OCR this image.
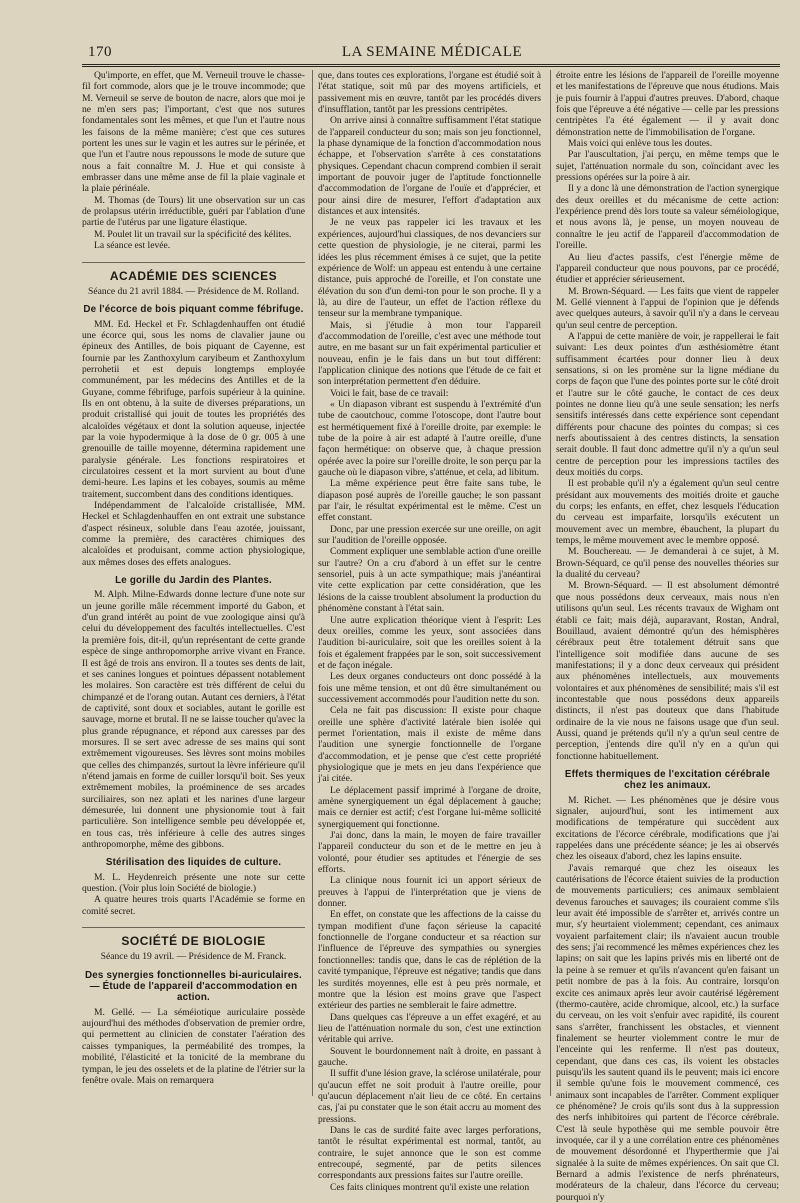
170	LA SEMAINE MÉDICALE

Qu'importe, en effet, que M. Verneuil trouve le chasse-fil fort commode, alors que je le trouve incommode; que M. Verneuil se serve de bouton de nacre, alors que moi je ne m'en sers pas; l'important, c'est que nos sutures fondamentales sont les mêmes, et que l'un et l'autre nous les faisons de la même manière; c'est que ces sutures portent les unes sur le vagin et les autres sur le périnée, et que l'un et l'autre nous repoussons le mode de suture que nous a fait connaître M. J. Hue et qui consiste à embrasser dans une même anse de fil la plaie vaginale et la plaie périnéale.

M. Thomas (de Tours) lit une observation sur un cas de prolapsus utérin irréductible, guéri par l'ablation d'une partie de l'utérus par une ligature élastique.

M. Poulet lit un travail sur la spécificité des kélites.

La séance est levée.

ACADÉMIE DES SCIENCES
Séance du 21 avril 1884. — Présidence de M. Rolland.
De l'écorce de bois piquant comme fébrifuge.

MM. Ed. Heckel et Fr. Schlagdenhauffen ont étudié une écorce qui, sous les noms de clavalier jaune ou épineux des Antilles, de bois piquant de Cayenne, est fournie par les Zanthoxylum caryibeum et Zanthoxylum perrohetii et est depuis longtemps employée communément, par les médecins des Antilles et de la Guyane, comme fébrifuge, parfois supérieur à la quinine. Ils en ont obtenu, à la suite de diverses préparations, un produit cristallisé qui jouit de toutes les propriétés des alcaloïdes végétaux et dont la solution aqueuse, injectée par la voie hypodermique à la dose de 0 gr. 005 à une grenouille de taille moyenne, détermina rapidement une paralysie générale. Les fonctions respiratoires et circulatoires cessent et la mort survient au bout d'une demi-heure. Les lapins et les cobayes, soumis au même traitement, succombent dans des conditions identiques.

Indépendamment de l'alcaloïde cristallisée, MM. Heckel et Schlagdenhauffen en ont extrait une substance d'aspect résineux, soluble dans l'eau azotée, jouissant, comme la première, des caractères chimiques des alcaloïdes et produisant, comme action physiologique, aux mêmes doses des effets analogues.

Le gorille du Jardin des Plantes.

M. Alph. Milne-Edwards donne lecture d'une note sur un jeune gorille mâle récemment importé du Gabon, et d'un grand intérêt au point de vue zoologique ainsi qu'à celui du développement des facultés intellectuelles. C'est la première fois, dit-il, qu'un représentant de cette grande espèce de singe anthropomorphe arrive vivant en France. Il est âgé de trois ans environ. Il a toutes ses dents de lait, et ses canines longues et pointues dépassent notablement les molaires. Son caractère est très différent de celui du chimpanzé et de l'orang outan. Autant ces derniers, à l'état de captivité, sont doux et sociables, autant le gorille est sauvage, morne et brutal. Il ne se laisse toucher qu'avec la plus grande répugnance, et répond aux caresses par des morsures. Il se sert avec adresse de ses mains qui sont extrêmement vigoureuses. Ses lèvres sont moins mobiles que celles des chimpanzés, surtout la lèvre inférieure qu'il n'étend jamais en forme de cuiller lorsqu'il boit. Ses yeux extrêmement mobiles, la proéminence de ses arcades surciliaires, son nez aplati et les narines d'une largeur démesurée, lui donnent une physionomie tout à fait particulière. Son intelligence semble peu développée et, en tous cas, très inférieure à celle des autres singes anthropomorphe, même des gibbons.

Stérilisation des liquides de culture.

M. L. Heydenreich présente une note sur cette question. (Voir plus loin Société de biologie.)

A quatre heures trois quarts l'Académie se forme en comité secret.

SOCIÉTÉ DE BIOLOGIE
Séance du 19 avril. — Présidence de M. Franck.
Des synergies fonctionnelles bi-auriculaires. — Étude de l'appareil d'accommodation en action.

M. Gellé. — La séméiotique auriculaire possède aujourd'hui des méthodes d'observation de premier ordre, qui permettent au clinicien de constater l'aération des caisses tympaniques, la perméabilité des trompes, la mobilité, l'élasticité et la tonicité de la membrane du tympan, le jeu des osselets et de la platine de l'étrier sur la fenêtre ovale. Mais on remarquera

que, dans toutes ces explorations, l'organe est étudié soit à l'état statique, soit mû par des moyens artificiels, et passivement mis en œuvre, tantôt par les procédés divers d'insufflation, tantôt par les pressions centripètes.

On arrive ainsi à connaître suffisamment l'état statique de l'appareil conducteur du son; mais son jeu fonctionnel, la phase dynamique de la fonction d'accommodation nous échappe, et l'observation s'arrête à ces constatations physiques. Cependant chacun comprend combien il serait important de pouvoir juger de l'aptitude fonctionnelle d'accommodation de l'organe de l'ouïe et d'apprécier, et pour ainsi dire de mesurer, l'effort d'adaptation aux distances et aux intensités.

Je ne veux pas rappeler ici les travaux et les expériences, aujourd'hui classiques, de nos devanciers sur cette question de physiologie, je ne citerai, parmi les idées les plus récemment émises à ce sujet, que la petite expérience de Wolf: un appeau est entendu à une certaine distance, puis approché de l'oreille, et l'on constate une élévation du son d'un demi-ton pour le son proche. Il y a là, au dire de l'auteur, un effet de l'action réflexe du tenseur sur la membrane tympanique.

Mais, si j'étudie à mon tour l'appareil d'accommodation de l'oreille, c'est avec une méthode tout autre, en me basant sur un fait expérimental particulier et nouveau, enfin je le fais dans un but tout différent: l'application clinique des notions que l'étude de ce fait et son interprétation permettent d'en déduire.

Voici le fait, base de ce travail:

« Un diapason vibrant est suspendu à l'extrémité d'un tube de caoutchouc, comme l'otoscope, dont l'autre bout est hermétiquement fixé à l'oreille droite, par exemple: le tube de la poire à air est adapté à l'autre oreille, d'une façon hermétique: on observe que, à chaque pression opérée avec la poire sur l'oreille droite, le son perçu par la gauche où le diapason vibre, s'atténue, et cela, ad libitum.

La même expérience peut être faite sans tube, le diapason posé auprès de l'oreille gauche; le son passant par l'air, le résultat expérimental est le même. C'est un effet constant.

Donc, par une pression exercée sur une oreille, on agit sur l'audition de l'oreille opposée.

Comment expliquer une semblable action d'une oreille sur l'autre? On a cru d'abord à un effet sur le centre sensoriel, puis à un acte sympathique; mais j'anéantirai vite cette explication par cette considération, que les lésions de la caisse troublent absolument la production du phénomène constant à l'état sain.

Une autre explication théorique vient à l'esprit: Les deux oreilles, comme les yeux, sont associées dans l'audition bi-auriculaire, soit que les oreilles soient à la fois et également frappées par le son, soit successivement et de façon inégale.

Les deux organes conducteurs ont donc possédé à la fois une même tension, et ont dû être simultanément ou successivement accommodés pour l'audition nette du son.

Cela ne fait pas discussion: Il existe pour chaque oreille une sphère d'activité latérale bien isolée qui permet l'orientation, mais il existe de même dans l'audition une synergie fonctionnelle de l'organe d'accommodation, et je pense que c'est cette propriété physiologique que je mets en jeu dans l'expérience que j'ai citée.

Le déplacement passif imprimé à l'organe de droite, amène synergiquement un égal déplacement à gauche; mais ce dernier est actif; c'est l'organe lui-même sollicité synergiquement qui fonctionne.

J'ai donc, dans la main, le moyen de faire travailler l'appareil conducteur du son et de le mettre en jeu à volonté, pour étudier ses aptitudes et l'énergie de ses efforts.

La clinique nous fournit ici un apport sérieux de preuves à l'appui de l'interprétation que je viens de donner.

En effet, on constate que les affections de la caisse du tympan modifient d'une façon sérieuse la capacité fonctionnelle de l'organe conducteur et sa réaction sur l'influence de l'épreuve des sympathies ou synergies fonctionnelles: tandis que, dans le cas de réplétion de la cavité tympanique, l'épreuve est négative; tandis que dans les surdités moyennes, elle est à peu près normale, et montre que la lésion est moins grave que l'aspect extérieur des parties ne semblerait le faire admettre.

Dans quelques cas l'épreuve a un effet exagéré, et au lieu de l'atténuation normale du son, c'est une extinction véritable qui arrive.

Souvent le bourdonnement naît à droite, en passant à gauche.

Il suffit d'une lésion grave, la sclérose unilatérale, pour qu'aucun effet ne soit produit à l'autre oreille, pour qu'aucun déplacement n'ait lieu de ce côté. En certains cas, j'ai pu constater que le son était accru au moment des pressions.

Dans le cas de surdité faite avec larges perforations, tantôt le résultat expérimental est normal, tantôt, au contraire, le sujet annonce que le son est comme entrecoupé, segmenté, par de petits silences correspondants aux pressions faites sur l'autre oreille.

Ces faits cliniques montrent qu'il existe une relation

étroite entre les lésions de l'appareil de l'oreille moyenne et les manifestations de l'épreuve que nous étudions. Mais je puis fournir à l'appui d'autres preuves. D'abord, chaque fois que l'épreuve a été négative — celle par les pressions centripètes l'a été également — il y avait donc démonstration nette de l'immobilisation de l'organe.

Mais voici qui enlève tous les doutes.

Par l'auscultation, j'ai perçu, en même temps que le sujet, l'atténuation normale du son, coïncidant avec les pressions opérées sur la poire à air.

Il y a donc là une démonstration de l'action synergique des deux oreilles et du mécanisme de cette action: l'expérience prend dès lors toute sa valeur séméiologique, et nous avons là, je pense, un moyen nouveau de connaître le jeu actif de l'appareil d'accommodation de l'oreille.

Au lieu d'actes passifs, c'est l'énergie même de l'appareil conducteur que nous pouvons, par ce procédé, étudier et apprécier sérieusement.

M. Brown-Séquard. — Les faits que vient de rappeler M. Gellé viennent à l'appui de l'opinion que je défends avec quelques auteurs, à savoir qu'il n'y a dans le cerveau qu'un seul centre de perception.

A l'appui de cette manière de voir, je rappellerai le fait suivant: Les deux pointes d'un æsthésiomètre étant suffisamment écartées pour donner lieu à deux sensations, si on les promène sur la ligne médiane du corps de façon que l'une des pointes porte sur le côté droit et l'autre sur le côté gauche, le contact de ces deux pointes ne donne lieu qu'à une seule sensation; les nerfs sensitifs intéressés dans cette expérience sont cependant différents pour chacune des pointes du compas; si ces nerfs aboutissaient à des centres distincts, la sensation serait double. Il faut donc admettre qu'il n'y a qu'un seul centre de perception pour les impressions tactiles des deux moitiés du corps.

Il est probable qu'il n'y a également qu'un seul centre présidant aux mouvements des moitiés droite et gauche du corps; les enfants, en effet, chez lesquels l'éducation du cerveau est imparfaite, lorsqu'ils exécutent un mouvement avec un membre, ébauchent, la plupart du temps, le même mouvement avec le membre opposé.

M. Bouchereau. — Je demanderai à ce sujet, à M. Brown-Séquard, ce qu'il pense des nouvelles théories sur la dualité du cerveau?

M. Brown-Séquard. — Il est absolument démontré que nous possédons deux cerveaux, mais nous n'en utilisons qu'un seul. Les récents travaux de Wigham ont établi ce fait; mais déjà, auparavant, Rostan, Andral, Bouillaud, avaient démontré qu'un des hémisphères cérébraux peut être totalement détruit sans que l'intelligence soit modifiée dans aucune de ses manifestations; il y a donc deux cerveaux qui président aux phénomènes intellectuels, aux mouvements volontaires et aux phénomènes de sensibilité; mais s'il est incontestable que nous possédons deux appareils distincts, il n'est pas douteux que dans l'habitude ordinaire de la vie nous ne faisons usage que d'un seul. Aussi, quand je prétends qu'il n'y a qu'un seul centre de perception, j'entends dire qu'il n'y en a qu'un qui fonctionne habituellement.

Effets thermiques de l'excitation cérébrale chez les animaux.

M. Richet. — Les phénomènes que je désire vous signaler, aujourd'hui, sont les intimement aux modifications de température qui succèdent aux excitations de l'écorce cérébrale, modifications que j'ai rappelées dans une précédente séance; je les ai observés chez les oiseaux d'abord, chez les lapins ensuite.

J'avais remarqué que chez les oiseaux les cautérisations de l'écorce étaient suivies de la production de mouvements particuliers; ces animaux semblaient devenus farouches et sauvages; ils couraient comme s'ils leur avait été impossible de s'arrêter et, arrivés contre un mur, s'y heurtaient violemment; cependant, ces animaux voyaient parfaitement clair; ils n'avaient aucun trouble des sens; j'ai recommencé les mêmes expériences chez les lapins; on sait que les lapins privés mis en liberté ont de la peine à se remuer et qu'ils n'avancent qu'en faisant un petit nombre de pas à la fois. Au contraire, lorsqu'on excite ces animaux après leur avoir cautérisé légèrement (thermo-cautère, acide chromique, alcool, etc.) la surface du cerveau, on les voit s'enfuir avec rapidité, ils courent sans s'arrêter, franchissent les obstacles, et viennent finalement se heurter violemment contre le mur de l'enceinte qui les renferme. Il n'est pas douteux, cependant, que dans ces cas, ils voient les obstacles puisqu'ils les sautent quand ils le peuvent; mais ici encore il semble qu'une fois le mouvement commencé, ces animaux sont incapables de l'arrêter. Comment expliquer ce phénomène? Je crois qu'ils sont dus à la suppression des nerfs inhibitoires qui partent de l'écorce cérébrale. C'est là seule hypothèse qui me semble pouvoir être invoquée, car il y a une corrélation entre ces phénomènes de mouvement désordonné et l'hyperthermie que j'ai signalée à la suite de mêmes expériences. On sait que Cl. Bernard a admis l'existence de nerfs phrénateurs, modérateurs de la chaleur, dans l'écorce du cerveau; pourquoi n'y
